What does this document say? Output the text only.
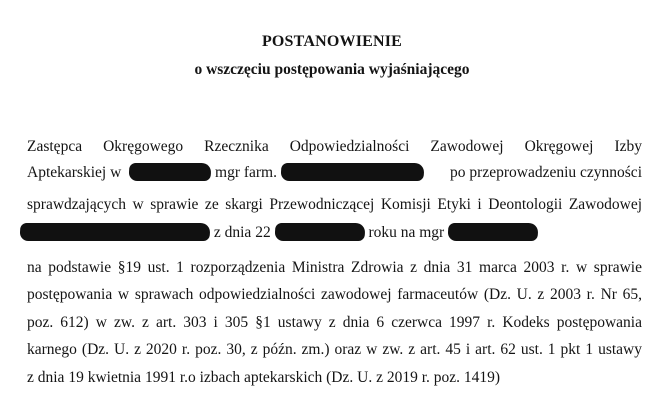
POSTANOWIENIE
o wszczęciu postępowania wyjaśniającego
Zastępca Okręgowego Rzecznika Odpowiedzialności Zawodowej Okręgowej Izby
Aptekarskiej w	mgr farm.	po przeprowadzeniu czynności
sprawdzających w sprawie ze skargi Przewodniczącej Komisji Etyki i Deontologii Zawodowej
z dnia 22	roku na mgr
na podstawie §19 ust. 1 rozporządzenia Ministra Zdrowia z dnia 31 marca 2003 r. w sprawie
postępowania w sprawach odpowiedzialności zawodowej farmaceutów (Dz. U. z 2003 r. Nr 65,
poz. 612) w zw. z art. 303 i 305 §1 ustawy z dnia 6 czerwca 1997 r. Kodeks postępowania
karnego (Dz. U. z 2020 r. poz. 30, z późn. zm.) oraz w zw. z art. 45 i art. 62 ust. 1 pkt 1 ustawy
z dnia 19 kwietnia 1991 r.o izbach aptekarskich (Dz. U. z 2019 r. poz. 1419)
